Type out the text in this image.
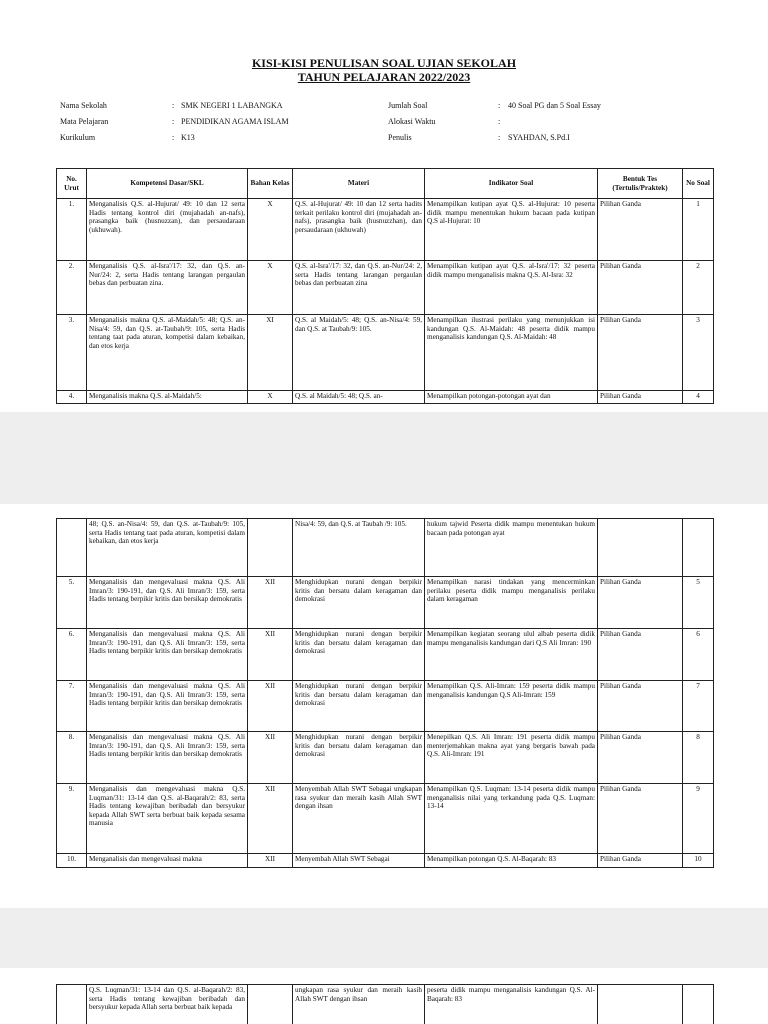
KISI-KISI PENULISAN SOAL UJIAN SEKOLAH
TAHUN PELAJARAN 2022/2023
Nama Sekolah	: SMK NEGERI 1 LABANGKA
Mata Pelajaran	: PENDIDIKAN AGAMA ISLAM
Kurikulum	: K13
Jumlah Soal	: 40 Soal PG dan 5 Soal Essay
Alokasi Waktu	:
Penulis	: SYAHDAN, S.Pd.I
No. Urut	Kompetensi Dasar/SKL	Bahan Kelas	Materi	Indikator Soal	Bentuk Tes (Tertulis/Praktek)	No Soal
1.	Menganalisis Q.S. al-Hujurat/ 49: 10 dan 12 serta Hadis tentang kontrol diri (mujahadah an-nafs), prasangka baik (husnuzzan), dan persaudaraan (ukhuwah).	X	Q.S. al-Hujurat/ 49: 10 dan 12 serta hadits terkait perilaku kontrol diri (mujahadah an-nafs), prasangka baik (husnuzzhan), dan persaudaraan (ukhuwah)	Menampilkan kutipan ayat Q.S. al-Hujurat: 10 peserta didik mampu menentukan hukum bacaan pada kutipan Q.S al-Hujurat: 10	Pilihan Ganda	1
2.	Menganalisis Q.S. al-Isra'/17: 32, dan Q.S. an-Nur/24: 2, serta Hadis tentang larangan pergaulan bebas dan perbuatan zina.	X	Q.S. al-Isra'/17: 32, dan Q.S. an-Nur/24: 2, serta Hadis tentang larangan pergaulan bebas dan perbuatan zina	Menampilkan kutipan ayat Q.S. al-Isra'/17: 32 peserta didik mampu menganalisis makna Q.S. Al-Isra: 32	Pilihan Ganda	2
3.	Menganalisis makna Q.S. al-Maidah/5: 48; Q.S. an-Nisa/4: 59, dan Q.S. at-Taubah/9: 105, serta Hadis tentang taat pada aturan, kompetisi dalam kebaikan, dan etos kerja	XI	Q.S. al Maidah/5: 48; Q.S. an-Nisa/4: 59, dan Q.S. at Taubah/9: 105.	Menampilkan ilustrasi perilaku yang menunjukkan isi kandungan Q.S. Al-Maidah: 48 peserta didik mampu menganalisis kandungan Q.S. Al-Maidah: 48	Pilihan Ganda	3
4.	Menganalisis makna Q.S. al-Maidah/5:	X	Q.S. al Maidah/5: 48; Q.S. an-	Menampilkan potongan-potongan ayat dan	Pilihan Ganda	4
	48; Q.S. an-Nisa/4: 59, dan Q.S. at-Taubah/9: 105, serta Hadis tentang taat pada aturan, kompetisi dalam kebaikan, dan etos kerja		Nisa/4: 59, dan Q.S. at Taubah /9: 105.	hukum tajwid Peserta didik mampu menentukan hukum bacaan pada potongan ayat		
5.	Menganalisis dan mengevaluasi makna Q.S. Ali Imran/3: 190-191, dan Q.S. Ali Imran/3: 159, serta Hadis tentang berpikir kritis dan bersikap demokratis	XII	Menghidupkan nurani dengan berpikir kritis dan bersatu dalam keragaman dan demokrasi	Menampilkan narasi tindakan yang mencerminkan perilaku peserta didik mampu menganalisis perilaku dalam keragaman	Pilihan Ganda	5
6.	Menganalisis dan mengevaluasi makna Q.S. Ali Imran/3: 190-191, dan Q.S. Ali Imran/3: 159, serta Hadis tentang berpikir kritis dan bersikap demokratis	XII	Menghidupkan nurani dengan berpikir kritis dan bersatu dalam keragaman dan demokrasi	Menampilkan kegiatan seorang ulul albab peserta didik mampu menganalisis kandungan dari Q.S Ali Imran: 190	Pilihan Ganda	6
7.	Menganalisis dan mengevaluasi makna Q.S. Ali Imran/3: 190-191, dan Q.S. Ali Imran/3: 159, serta Hadis tentang berpikir kritis dan bersikap demokratis	XII	Menghidupkan nurani dengan berpikir kritis dan bersatu dalam keragaman dan demokrasi	Menampilkan Q.S. Ali-Imran: 159 peserta didik mampu menganalisis kandungan Q.S Ali-Imran: 159	Pilihan Ganda	7
8.	Menganalisis dan mengevaluasi makna Q.S. Ali Imran/3: 190-191, dan Q.S. Ali Imran/3: 159, serta Hadis tentang berpikir kritis dan bersikap demokratis	XII	Menghidupkan nurani dengan berpikir kritis dan bersatu dalam keragaman dan demokrasi	Menepilkan Q.S. Ali Imran: 191 peserta didik mampu menterjemahkan makna ayat yang bergaris bawah pada Q.S. Ali-Imran: 191	Pilihan Ganda	8
9.	Menganalisis dan mengevaluasi makna Q.S. Luqman/31: 13-14 dan Q.S. al-Baqarah/2: 83, serta Hadis tentang kewajiban beribadah dan bersyukur kepada Allah SWT serta berbuat baik kepada sesama manusia	XII	Menyembah Allah SWT Sebagai ungkapan rasa syukur dan meraih kasih Allah SWT dengan ihsan	Menampilkan Q.S. Luqman: 13-14 peserta didik mampu menganalisis nilai yang terkandung pada Q.S. Luqman: 13-14	Pilihan Ganda	9
10.	Menganalisis dan mengevaluasi makna	XII	Menyembah Allah SWT Sebagai	Menampilkan potongan Q.S. Al-Baqarah: 83	Pilihan Ganda	10
	Q.S. Luqman/31: 13-14 dan Q.S. al-Baqarah/2: 83, serta Hadis tentang kewajiban beribadah dan bersyukur kepada Allah serta berbuat baik kepada		ungkapan rasa syukur dan meraih kasih Allah SWT dengan ihsan	peserta didik mampu menganalisis kandungan Q.S. Al-Baqarah: 83		
